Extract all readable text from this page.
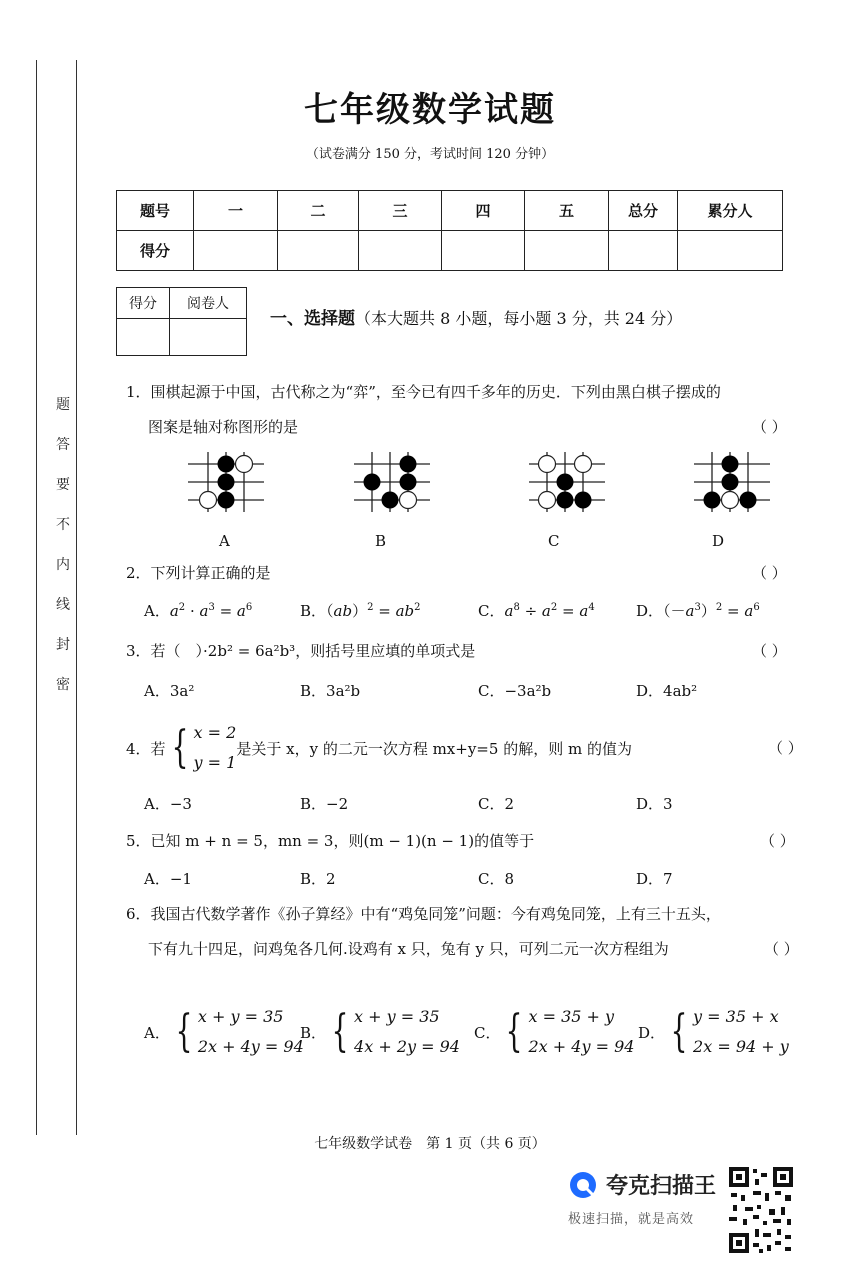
题
答
要
不
内
线
封
密
七年级数学试题
（试卷满分 150 分，考试时间 120 分钟）
题号	一	二	三	四	五	总分	累分人
得分							
得分	阅卷人

一、选择题（本大题共 8 小题，每小题 3 分，共 24 分）
1．围棋起源于中国，古代称之为“弈”，至今已有四千多年的历史．下列由黑白棋子摆成的
图案是轴对称图形的是	（ ）
A	B	C	D
2．下列计算正确的是	（ ）
A．$a^2 \cdot a^3 = a^6$	B．$(ab)^2 = ab^2$	C．$a^8 \div a^2 = a^4$	D．$(-a^3)^2 = a^6$
3．若（　）·2b² = 6a²b³，则括号里应填的单项式是	（ ）
A．3a²	B．3a²b	C．−3a²b	D．4ab²
4．若 { x = 2
y = 1
是关于 x，y 的二元一次方程 mx+y=5 的解，则 m 的值为	（ ）
A．−3	B．−2	C．2	D．3
5．已知 m + n = 5，mn = 3，则(m − 1)(n − 1)的值等于	（ ）
A．−1	B．2	C．8	D．7
6．我国古代数学著作《孙子算经》中有“鸡兔同笼”问题：今有鸡兔同笼，上有三十五头，
下有九十四足，问鸡兔各几何.设鸡有 x 只，兔有 y 只，可列二元一次方程组为	（ ）
A． { x + y = 35
2x + 4y = 94
B． { x + y = 35
4x + 2y = 94
C． { x = 35 + y
2x + 4y = 94
D． { y = 35 + x
2x = 94 + y
七年级数学试卷　第 1 页（共 6 页）
夸克扫描王
极速扫描，就是高效
